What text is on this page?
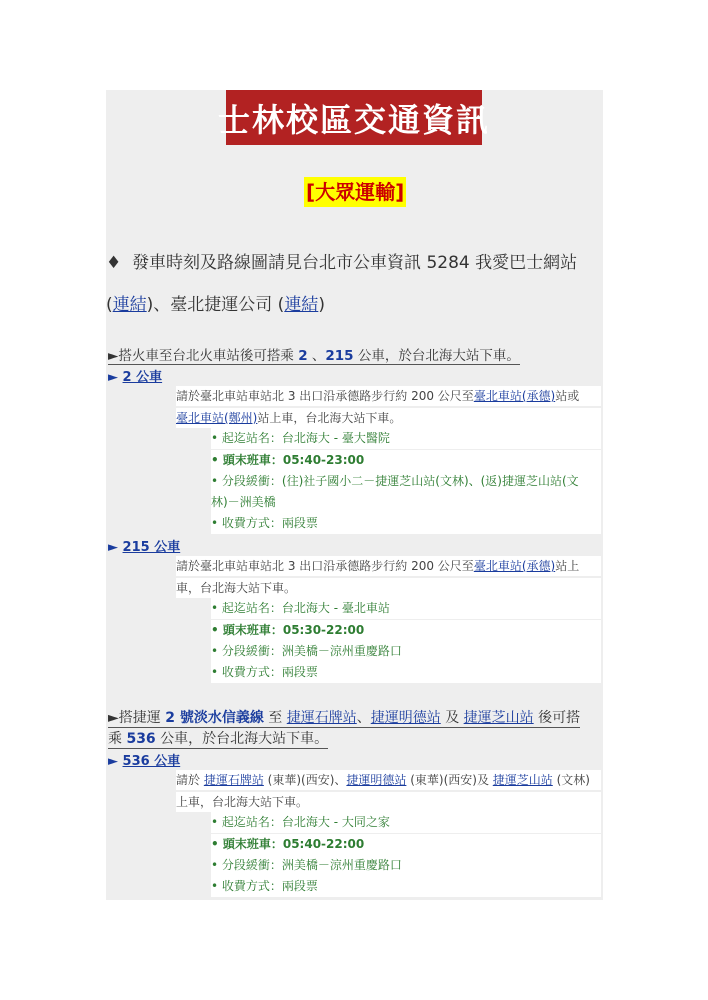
士林校區交通資訊
[大眾運輸]
♦ 發車時刻及路線圖請見台北市公車資訊 5284 我愛巴士網站
(連結)、臺北捷運公司 (連結)
►搭火車至台北火車站後可搭乘 2 、215 公車，於台北海大站下車。
► 2 公車
請於臺北車站車站北 3 出口沿承德路步行約 200 公尺至臺北車站(承德)站或
臺北車站(鄭州)站上車，台北海大站下車。
• 起迄站名：台北海大 - 臺大醫院
• 頭末班車：05:40-23:00
• 分段緩衝：(往)社子國小二－捷運芝山站(文林)、(返)捷運芝山站(文
林)－洲美橋
• 收費方式：兩段票
► 215 公車
請於臺北車站車站北 3 出口沿承德路步行約 200 公尺至臺北車站(承德)站上
車，台北海大站下車。
• 起迄站名：台北海大 - 臺北車站
• 頭末班車：05:30-22:00
• 分段緩衝：洲美橋－涼州重慶路口
• 收費方式：兩段票
►搭捷運 2 號淡水信義線 至 捷運石牌站、捷運明德站 及 捷運芝山站 後可搭
乘 536 公車，於台北海大站下車。
► 536 公車
請於 捷運石牌站 (東華)(西安)、捷運明德站 (東華)(西安)及 捷運芝山站 (文林)
上車，台北海大站下車。
• 起迄站名：台北海大 - 大同之家
• 頭末班車：05:40-22:00
• 分段緩衝：洲美橋－涼州重慶路口
• 收費方式：兩段票
